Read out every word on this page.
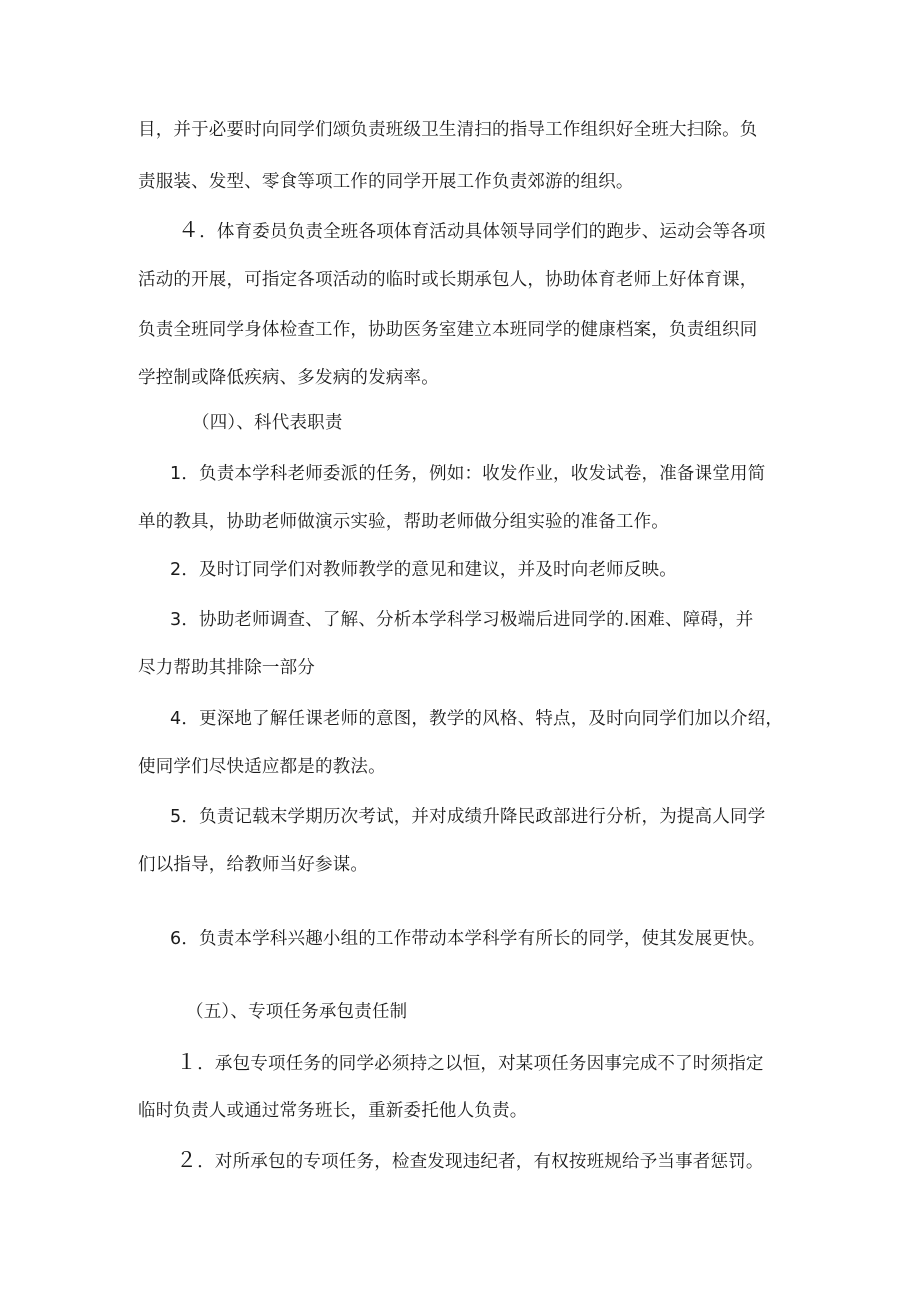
目，并于必要时向同学们颂负责班级卫生清扫的指导工作组织好全班大扫除。负
责服装、发型、零食等项工作的同学开展工作负责郊游的组织。
４．体育委员负责全班各项体育活动具体领导同学们的跑步、运动会等各项
活动的开展，可指定各项活动的临时或长期承包人，协助体育老师上好体育课，
负责全班同学身体检查工作，协助医务室建立本班同学的健康档案，负责组织同
学控制或降低疾病、多发病的发病率。
（四）、科代表职责
1．负责本学科老师委派的任务，例如：收发作业，收发试卷，准备课堂用简
单的教具，协助老师做演示实验，帮助老师做分组实验的准备工作。
2．及时订同学们对教师教学的意见和建议，并及时向老师反映。
3．协助老师调查、了解、分析本学科学习极端后进同学的.困难、障碍，并
尽力帮助其排除一部分
4．更深地了解任课老师的意图，教学的风格、特点，及时向同学们加以介绍，
使同学们尽快适应都是的教法。
5．负责记载末学期历次考试，并对成绩升降民政部进行分析，为提高人同学
们以指导，给教师当好参谋。
6．负责本学科兴趣小组的工作带动本学科学有所长的同学，使其发展更快。
（五）、专项任务承包责任制
１．承包专项任务的同学必须持之以恒，对某项任务因事完成不了时须指定
临时负责人或通过常务班长，重新委托他人负责。
２．对所承包的专项任务，检查发现违纪者，有权按班规给予当事者惩罚。
